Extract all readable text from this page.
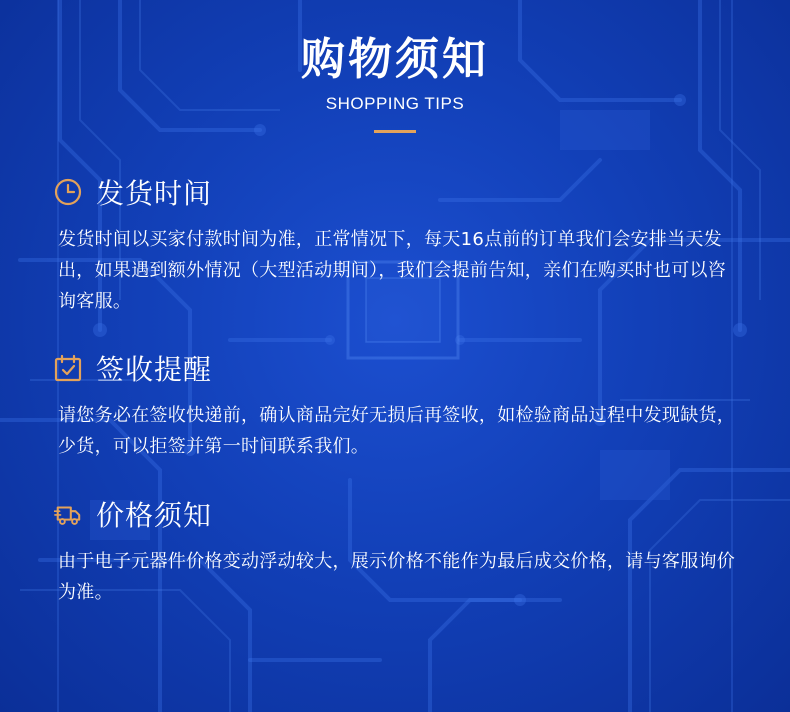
购物须知
SHOPPING TIPS
发货时间
发货时间以买家付款时间为准，正常情况下，每天16点前的订单我们会安排当天发出，如果遇到额外情况（大型活动期间），我们会提前告知，亲们在购买时也可以咨询客服。
签收提醒
请您务必在签收快递前，确认商品完好无损后再签收，如检验商品过程中发现缺货，少货，可以拒签并第一时间联系我们。
价格须知
由于电子元器件价格变动浮动较大，展示价格不能作为最后成交价格，请与客服询价为准。
